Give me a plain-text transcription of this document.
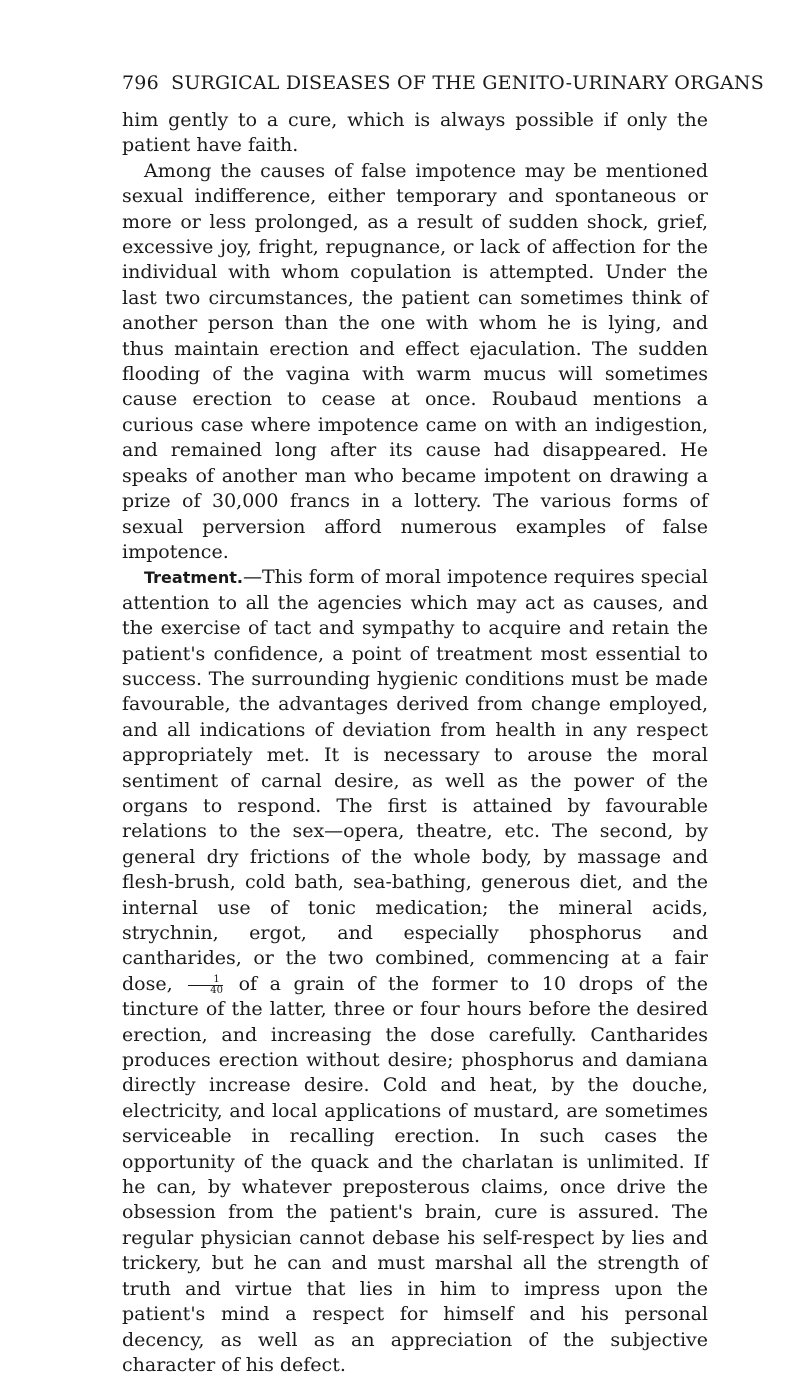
796 SURGICAL DISEASES OF THE GENITO-URINARY ORGANS

him gently to a cure, which is always possible if only the patient have faith.

Among the causes of false impotence may be mentioned sexual indifference, either temporary and spontaneous or more or less prolonged, as a result of sudden shock, grief, excessive joy, fright, repugnance, or lack of affection for the individual with whom copulation is attempted. Under the last two circumstances, the patient can sometimes think of another person than the one with whom he is lying, and thus maintain erection and effect ejaculation. The sudden flooding of the vagina with warm mucus will sometimes cause erection to cease at once. Roubaud mentions a curious case where impotence came on with an indigestion, and remained long after its cause had disappeared. He speaks of another man who became impotent on drawing a prize of 30,000 francs in a lottery. The various forms of sexual perversion afford numerous examples of false impotence.

Treatment.—This form of moral impotence requires special attention to all the agencies which may act as causes, and the exercise of tact and sympathy to acquire and retain the patient's confidence, a point of treatment most essential to success. The surrounding hygienic conditions must be made favourable, the advantages derived from change employed, and all indications of deviation from health in any respect appropriately met. It is necessary to arouse the moral sentiment of carnal desire, as well as the power of the organs to respond. The first is attained by favourable relations to the sex—opera, theatre, etc. The second, by general dry frictions of the whole body, by massage and flesh-brush, cold bath, sea-bathing, generous diet, and the internal use of tonic medication; the mineral acids, strychnin, ergot, and especially phosphorus and cantharides, or the two combined, commencing at a fair dose, $\frac{1}{40}$ of a grain of the former to 10 drops of the tincture of the latter, three or four hours before the desired erection, and increasing the dose carefully. Cantharides produces erection without desire; phosphorus and damiana directly increase desire. Cold and heat, by the douche, electricity, and local applications of mustard, are sometimes serviceable in recalling erection. In such cases the opportunity of the quack and the charlatan is unlimited. If he can, by whatever preposterous claims, once drive the obsession from the patient's brain, cure is assured. The regular physician cannot debase his self-respect by lies and trickery, but he can and must marshal all the strength of truth and virtue that lies in him to impress upon the patient's mind a respect for himself and his personal decency, as well as an appreciation of the subjective character of his defect.
